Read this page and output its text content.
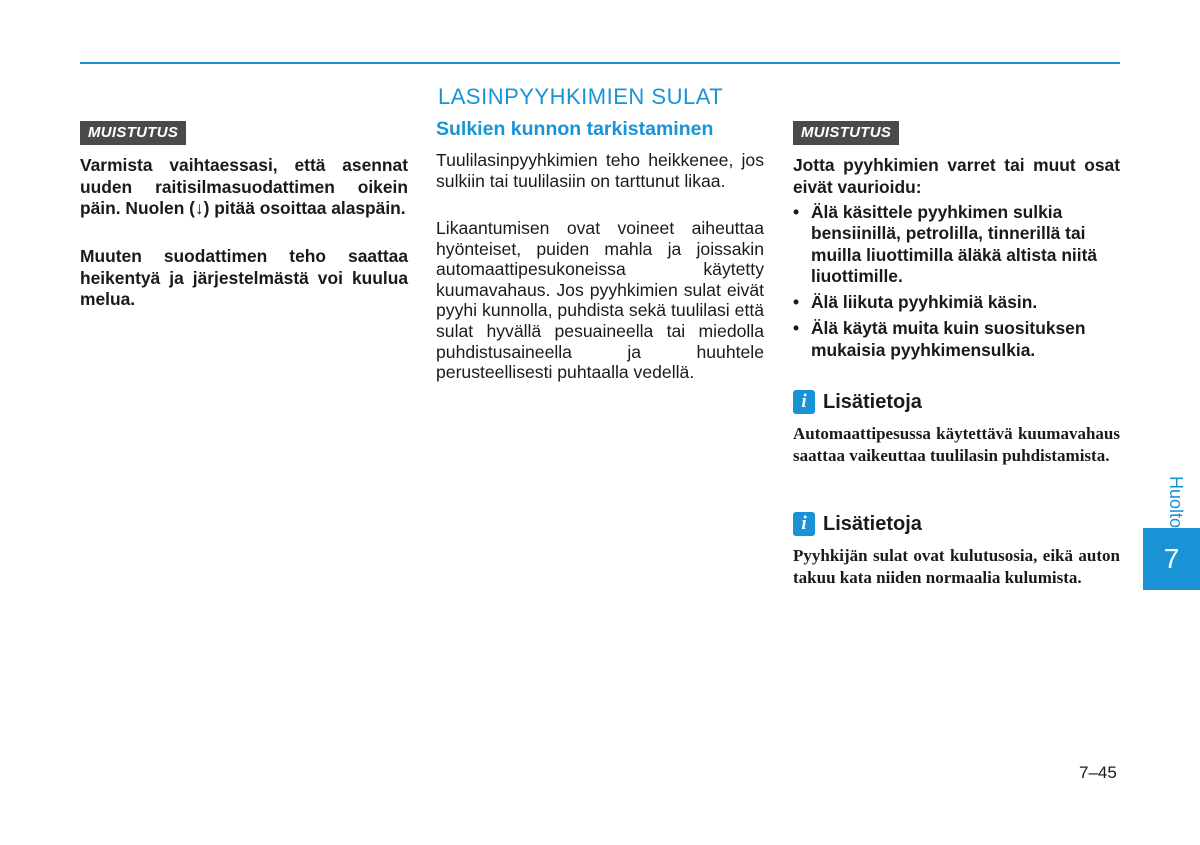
LASINPYYHKIMIEN SULAT
MUISTUTUS

Varmista vaihtaessasi, että asennat uuden raitisilmasuodattimen oikein päin. Nuolen (↓) pitää osoittaa alaspäin.

Muuten suodattimen teho saattaa heikentyä ja järjestelmästä voi kuulua melua.

Sulkien kunnon tarkistaminen

Tuulilasinpyyhkimien teho heikkenee, jos sulkiin tai tuulilasiin on tarttunut likaa.

Likaantumisen ovat voineet aiheuttaa hyönteiset, puiden mahla ja joissakin automaattipesukoneissa käytetty kuumavahaus. Jos pyyhkimien sulat eivät pyyhi kunnolla, puhdista sekä tuulilasi että sulat hyvällä pesuaineella tai miedolla puhdistusaineella ja huuhtele perusteellisesti puhtaalla vedellä.

MUISTUTUS

Jotta pyyhkimien varret tai muut osat eivät vaurioidu:

• Älä käsittele pyyhkimen sulkia bensiinillä, petrolilla, tinnerillä tai muilla liuottimilla äläkä altista niitä liuottimille.
• Älä liikuta pyyhkimiä käsin.
• Älä käytä muita kuin suosituksen mukaisia pyyhkimensulkia.
i Lisätietoja

Automaattipesussa käytettävä kuumavahaus saattaa vaikeuttaa tuulilasin puhdistamista.

i Lisätietoja

Pyyhkijän sulat ovat kulutusosia, eikä auton takuu kata niiden normaalia kulumista.

Huolto
7
7–45
